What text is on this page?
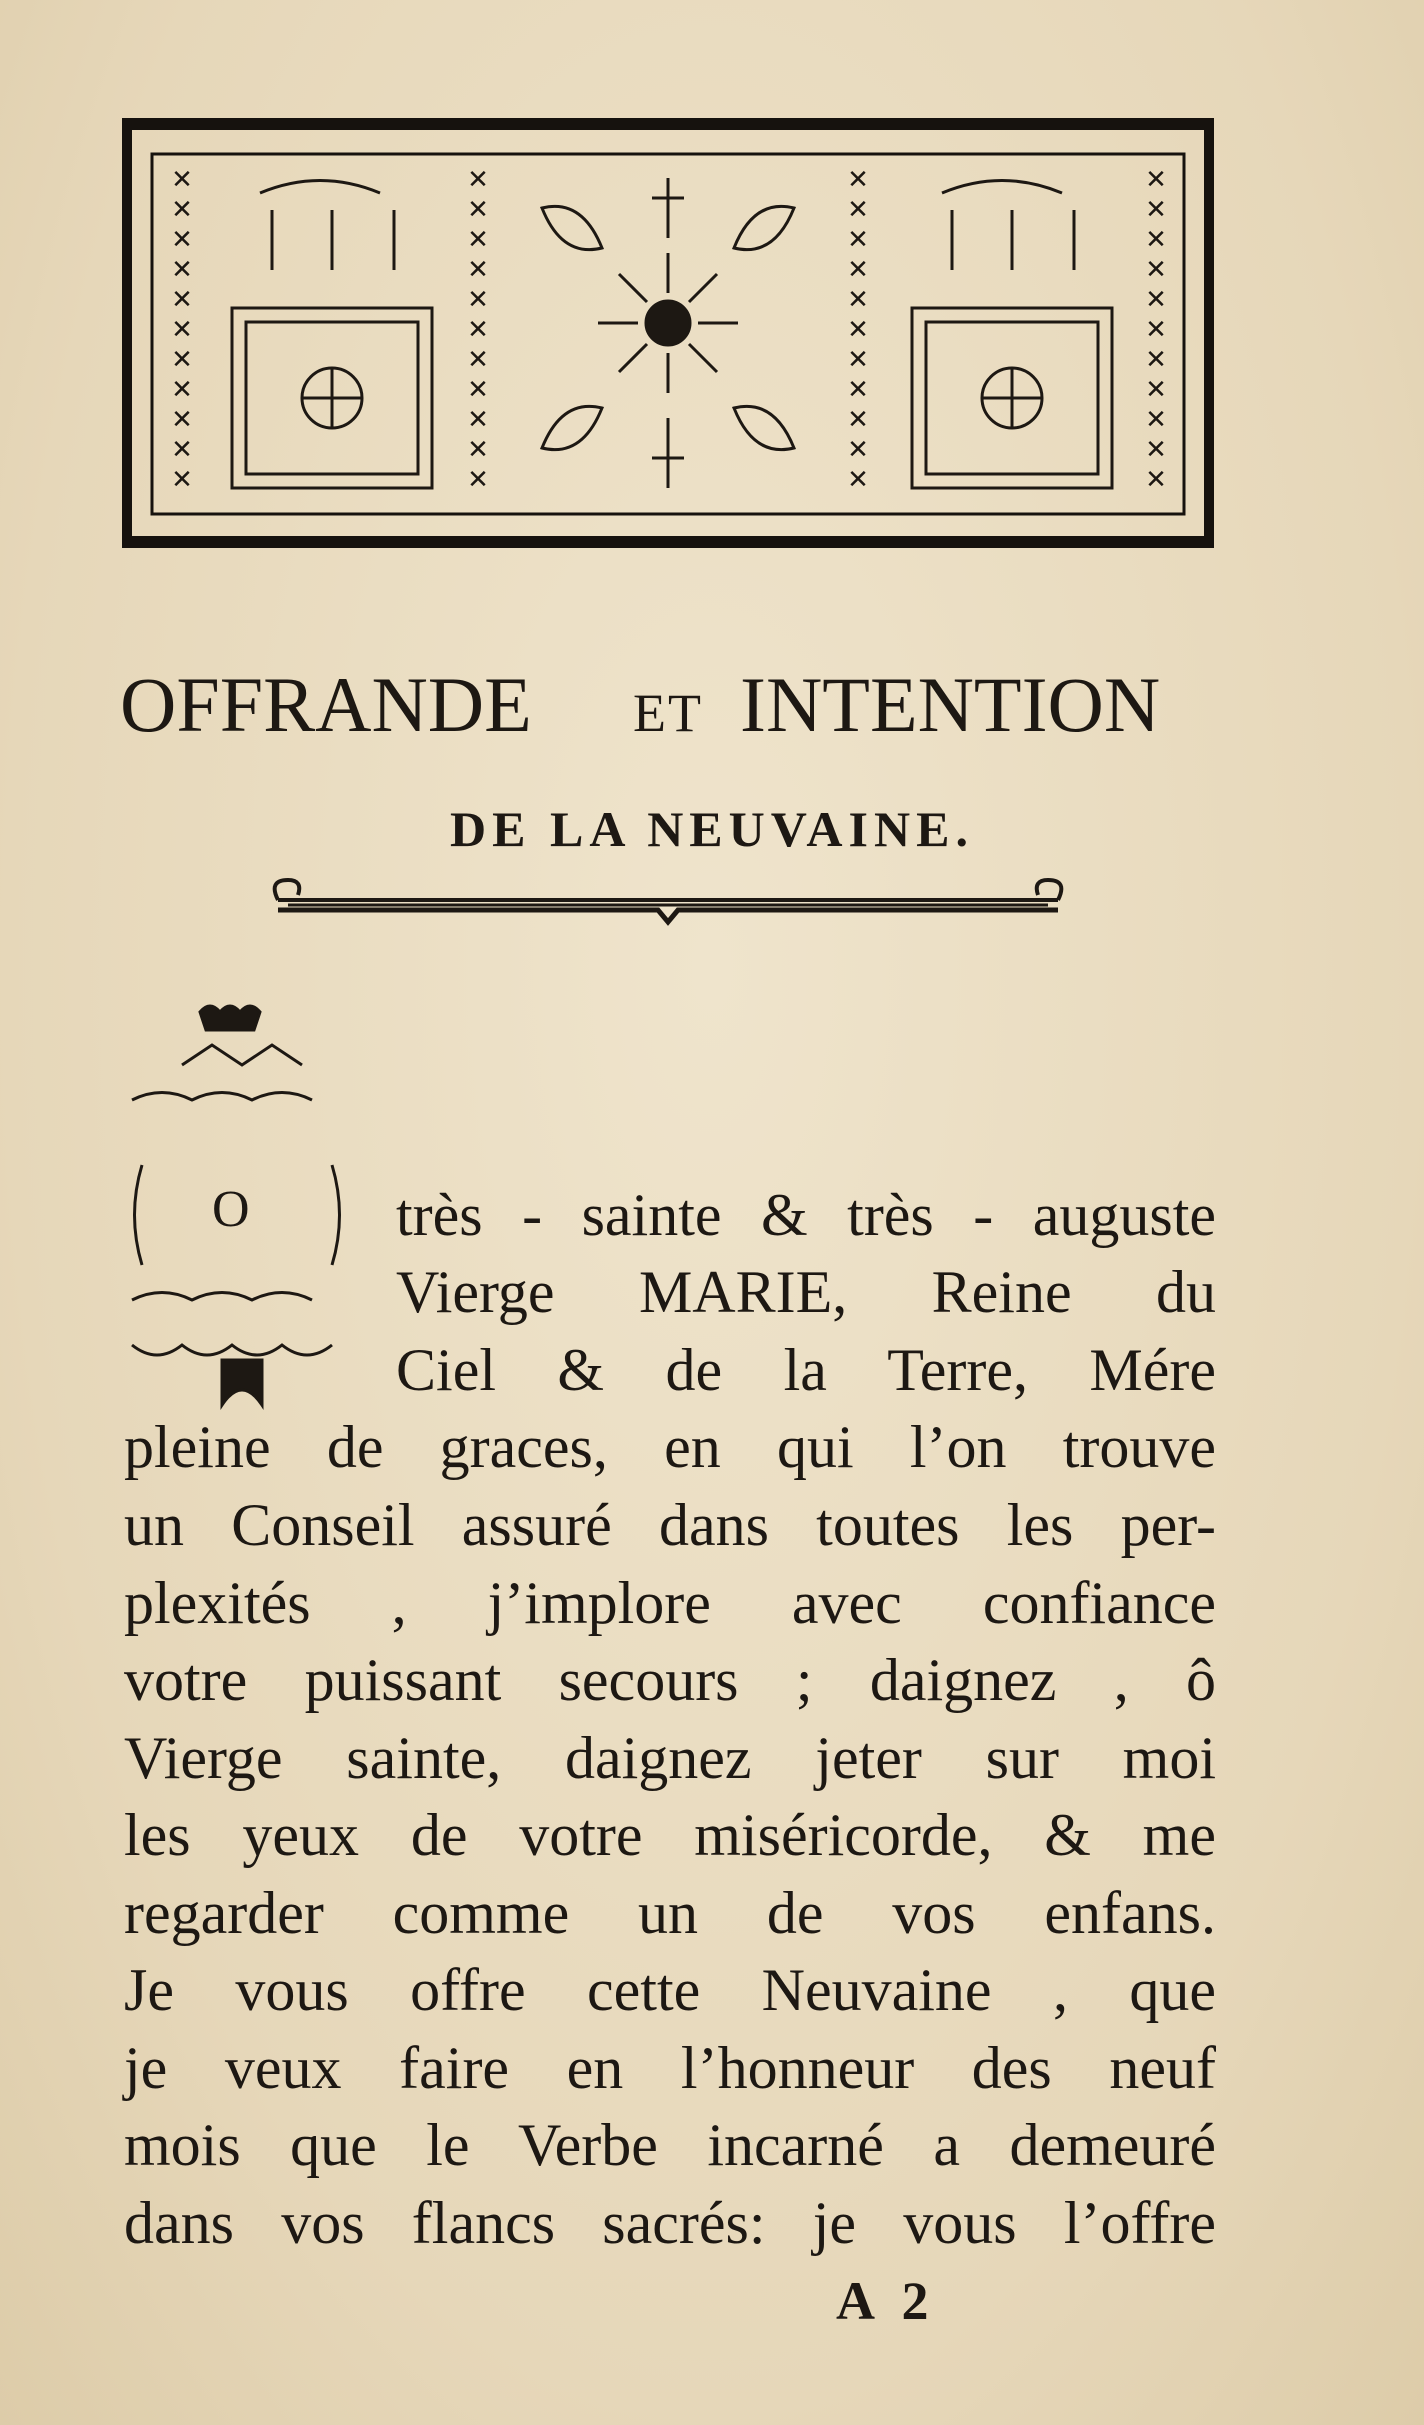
✕
✕
✕
✕
✕
✕
✕
✕
✕
✕
✕
✕
✕
✕
✕
✕
✕
✕
✕
✕
✕
✕
✕
✕
✕
✕
✕
✕
✕
✕
✕
✕
✕
✕
✕
✕
✕
✕
✕
✕
✕
✕
✕
✕
OFFRANDE ET INTENTION
DE LA NEUVAINE.
O très - sainte & très - auguste
Vierge MARIE, Reine du
Ciel & de la Terre, Mére
pleine de graces, en qui l’on trouve
un Conseil assuré dans toutes les per-
plexités , j’implore avec confiance
votre puissant secours ; daignez , ô
Vierge sainte, daignez jeter sur moi
les yeux de votre miséricorde, & me
regarder comme un de vos enfans.
Je vous offre cette Neuvaine , que
je veux faire en l’honneur des neuf
mois que le Verbe incarné a demeuré
dans vos flancs sacrés: je vous l’offre
A 2
